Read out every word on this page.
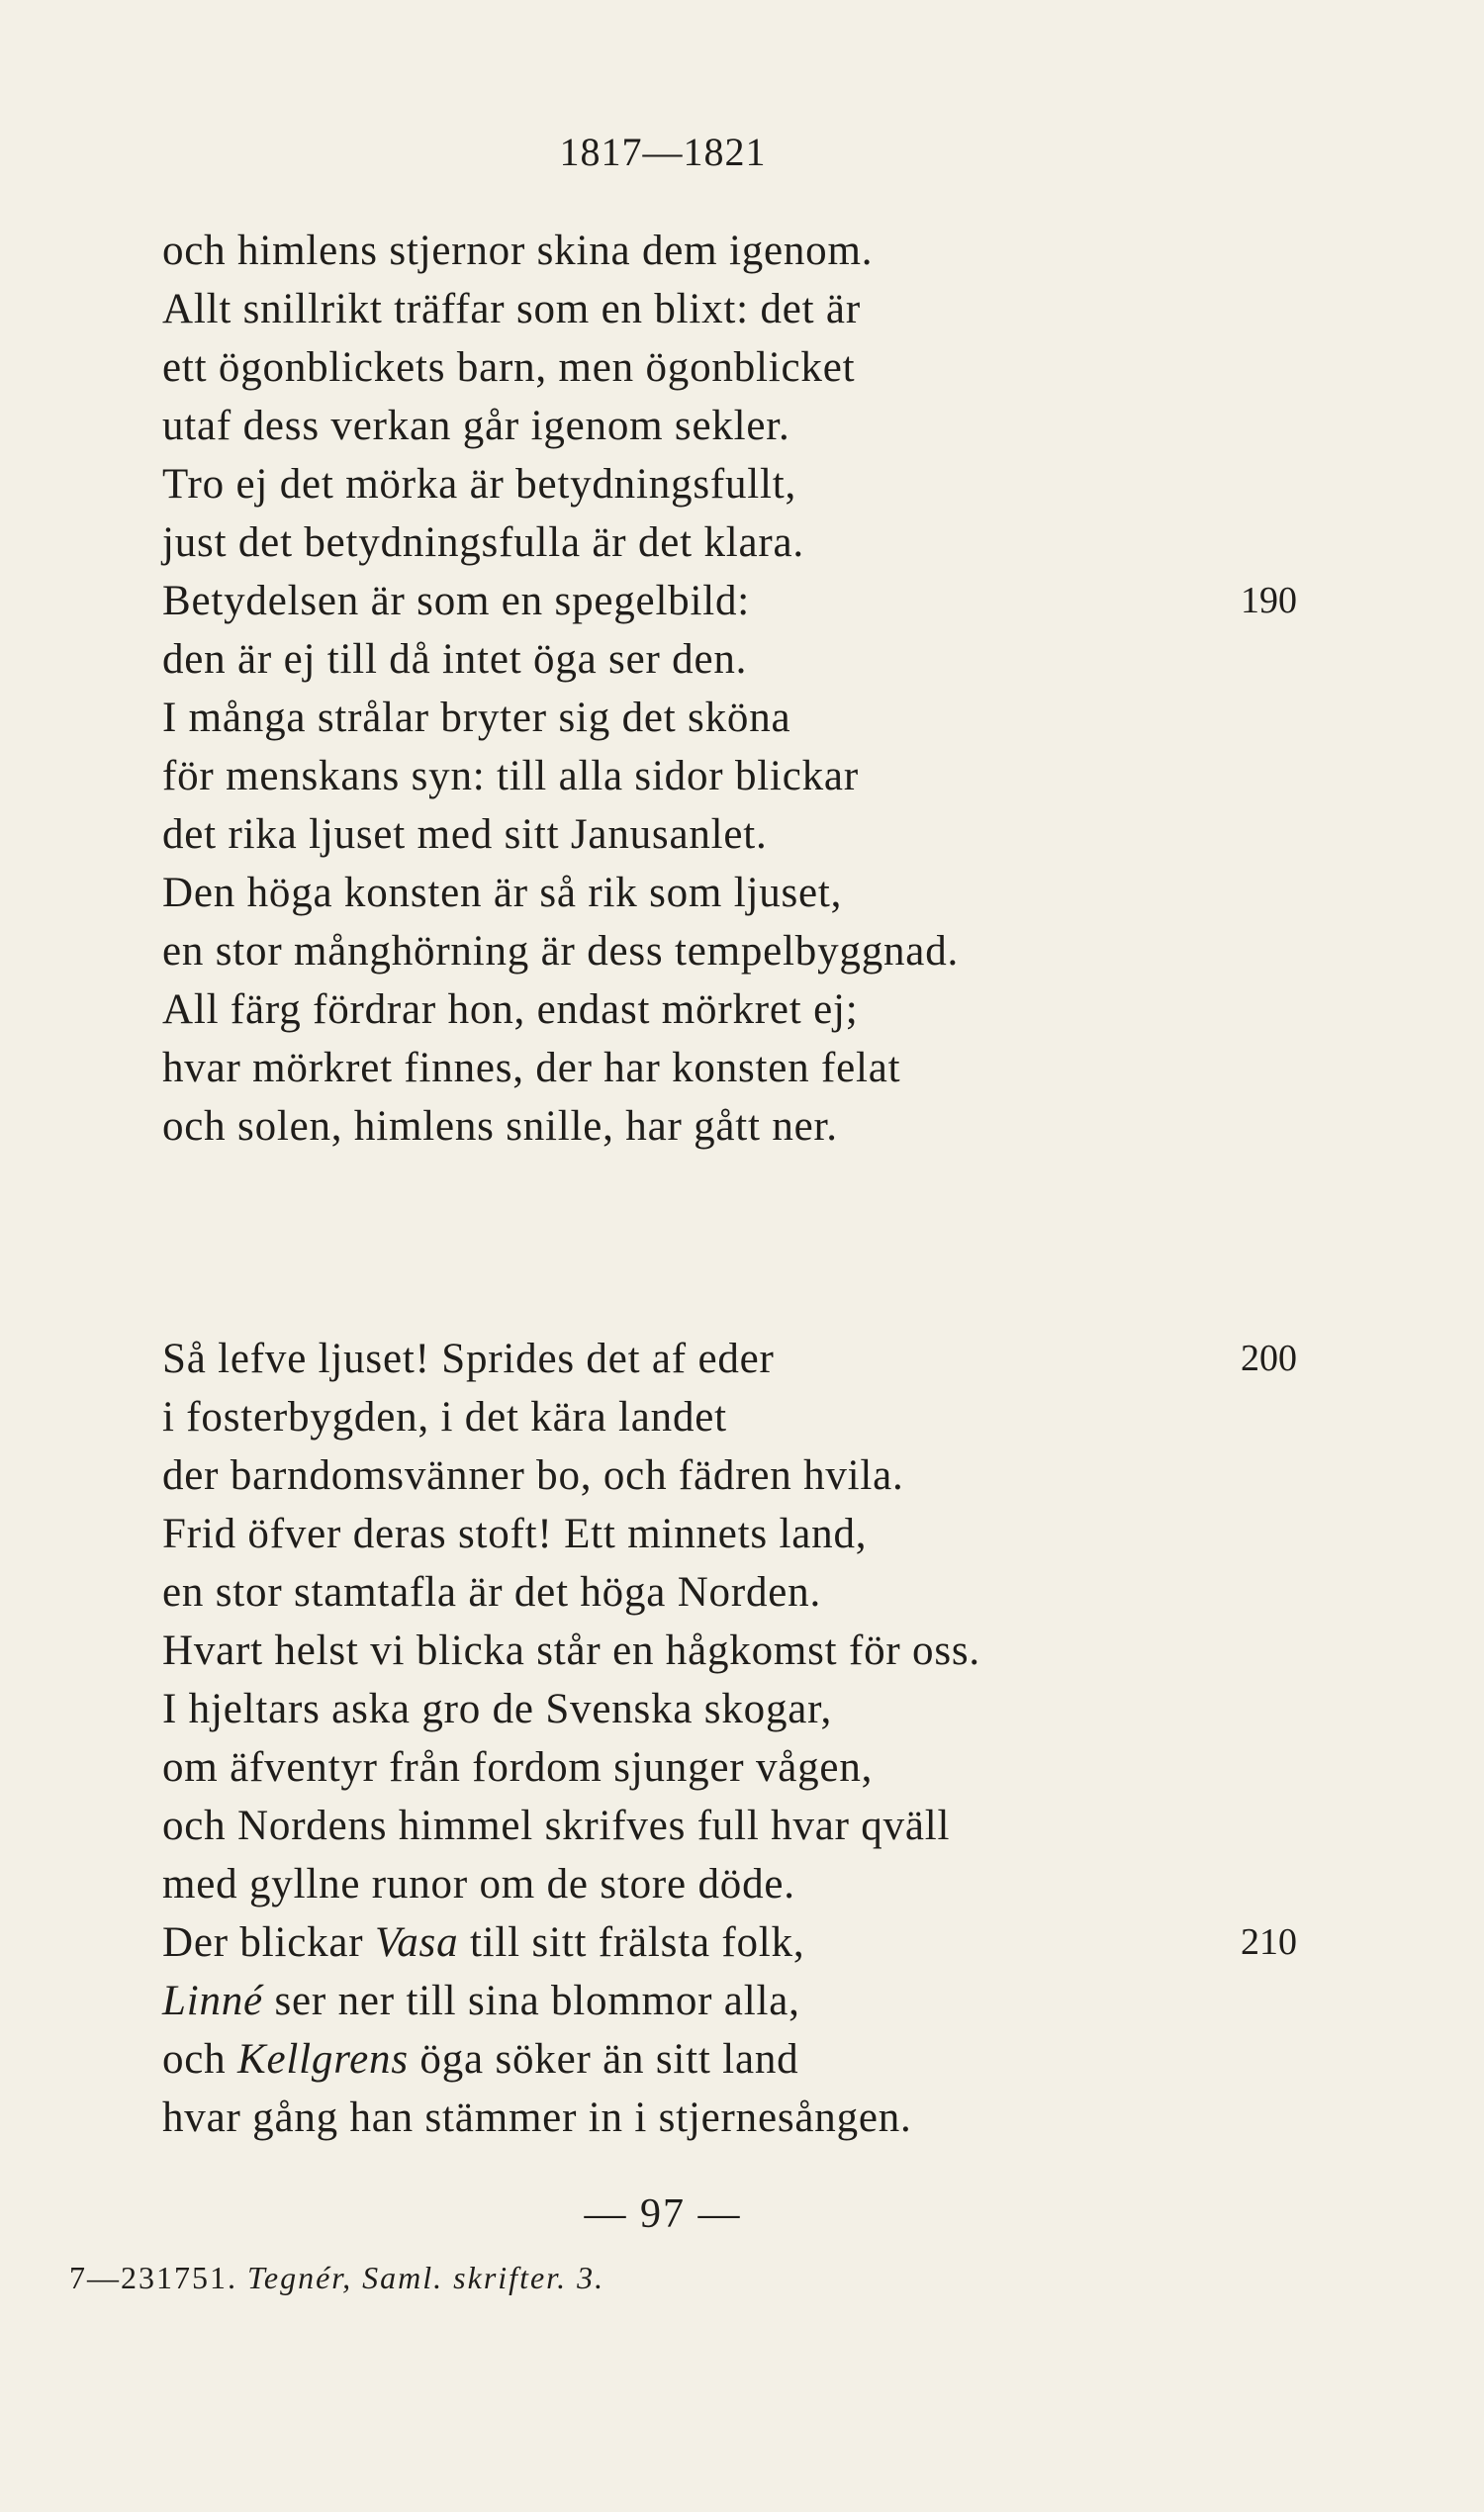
1817—1821
och himlens stjernor skina dem igenom.
Allt snillrikt träffar som en blixt: det är
ett ögonblickets barn, men ögonblicket
utaf dess verkan går igenom sekler.
Tro ej det mörka är betydningsfullt,
just det betydningsfulla är det klara.
Betydelsen är som en spegelbild:	190
den är ej till då intet öga ser den.
I många strålar bryter sig det sköna
för menskans syn: till alla sidor blickar
det rika ljuset med sitt Janusanlet.
Den höga konsten är så rik som ljuset,
en stor månghörning är dess tempelbyggnad.
All färg fördrar hon, endast mörkret ej;
hvar mörkret finnes, der har konsten felat
och solen, himlens snille, har gått ner.
Så lefve ljuset! Sprides det af eder	200
i fosterbygden, i det kära landet
der barndomsvänner bo, och fädren hvila.
Frid öfver deras stoft! Ett minnets land,
en stor stamtafla är det höga Norden.
Hvart helst vi blicka står en hågkomst för oss.
I hjeltars aska gro de Svenska skogar,
om äfventyr från fordom sjunger vågen,
och Nordens himmel skrifves full hvar qväll
med gyllne runor om de store döde.
Der blickar Vasa till sitt frälsta folk,	210
Linné ser ner till sina blommor alla,
och Kellgrens öga söker än sitt land
hvar gång han stämmer in i stjernesången.
— 97 —
7—231751. Tegnér, Saml. skrifter. 3.
